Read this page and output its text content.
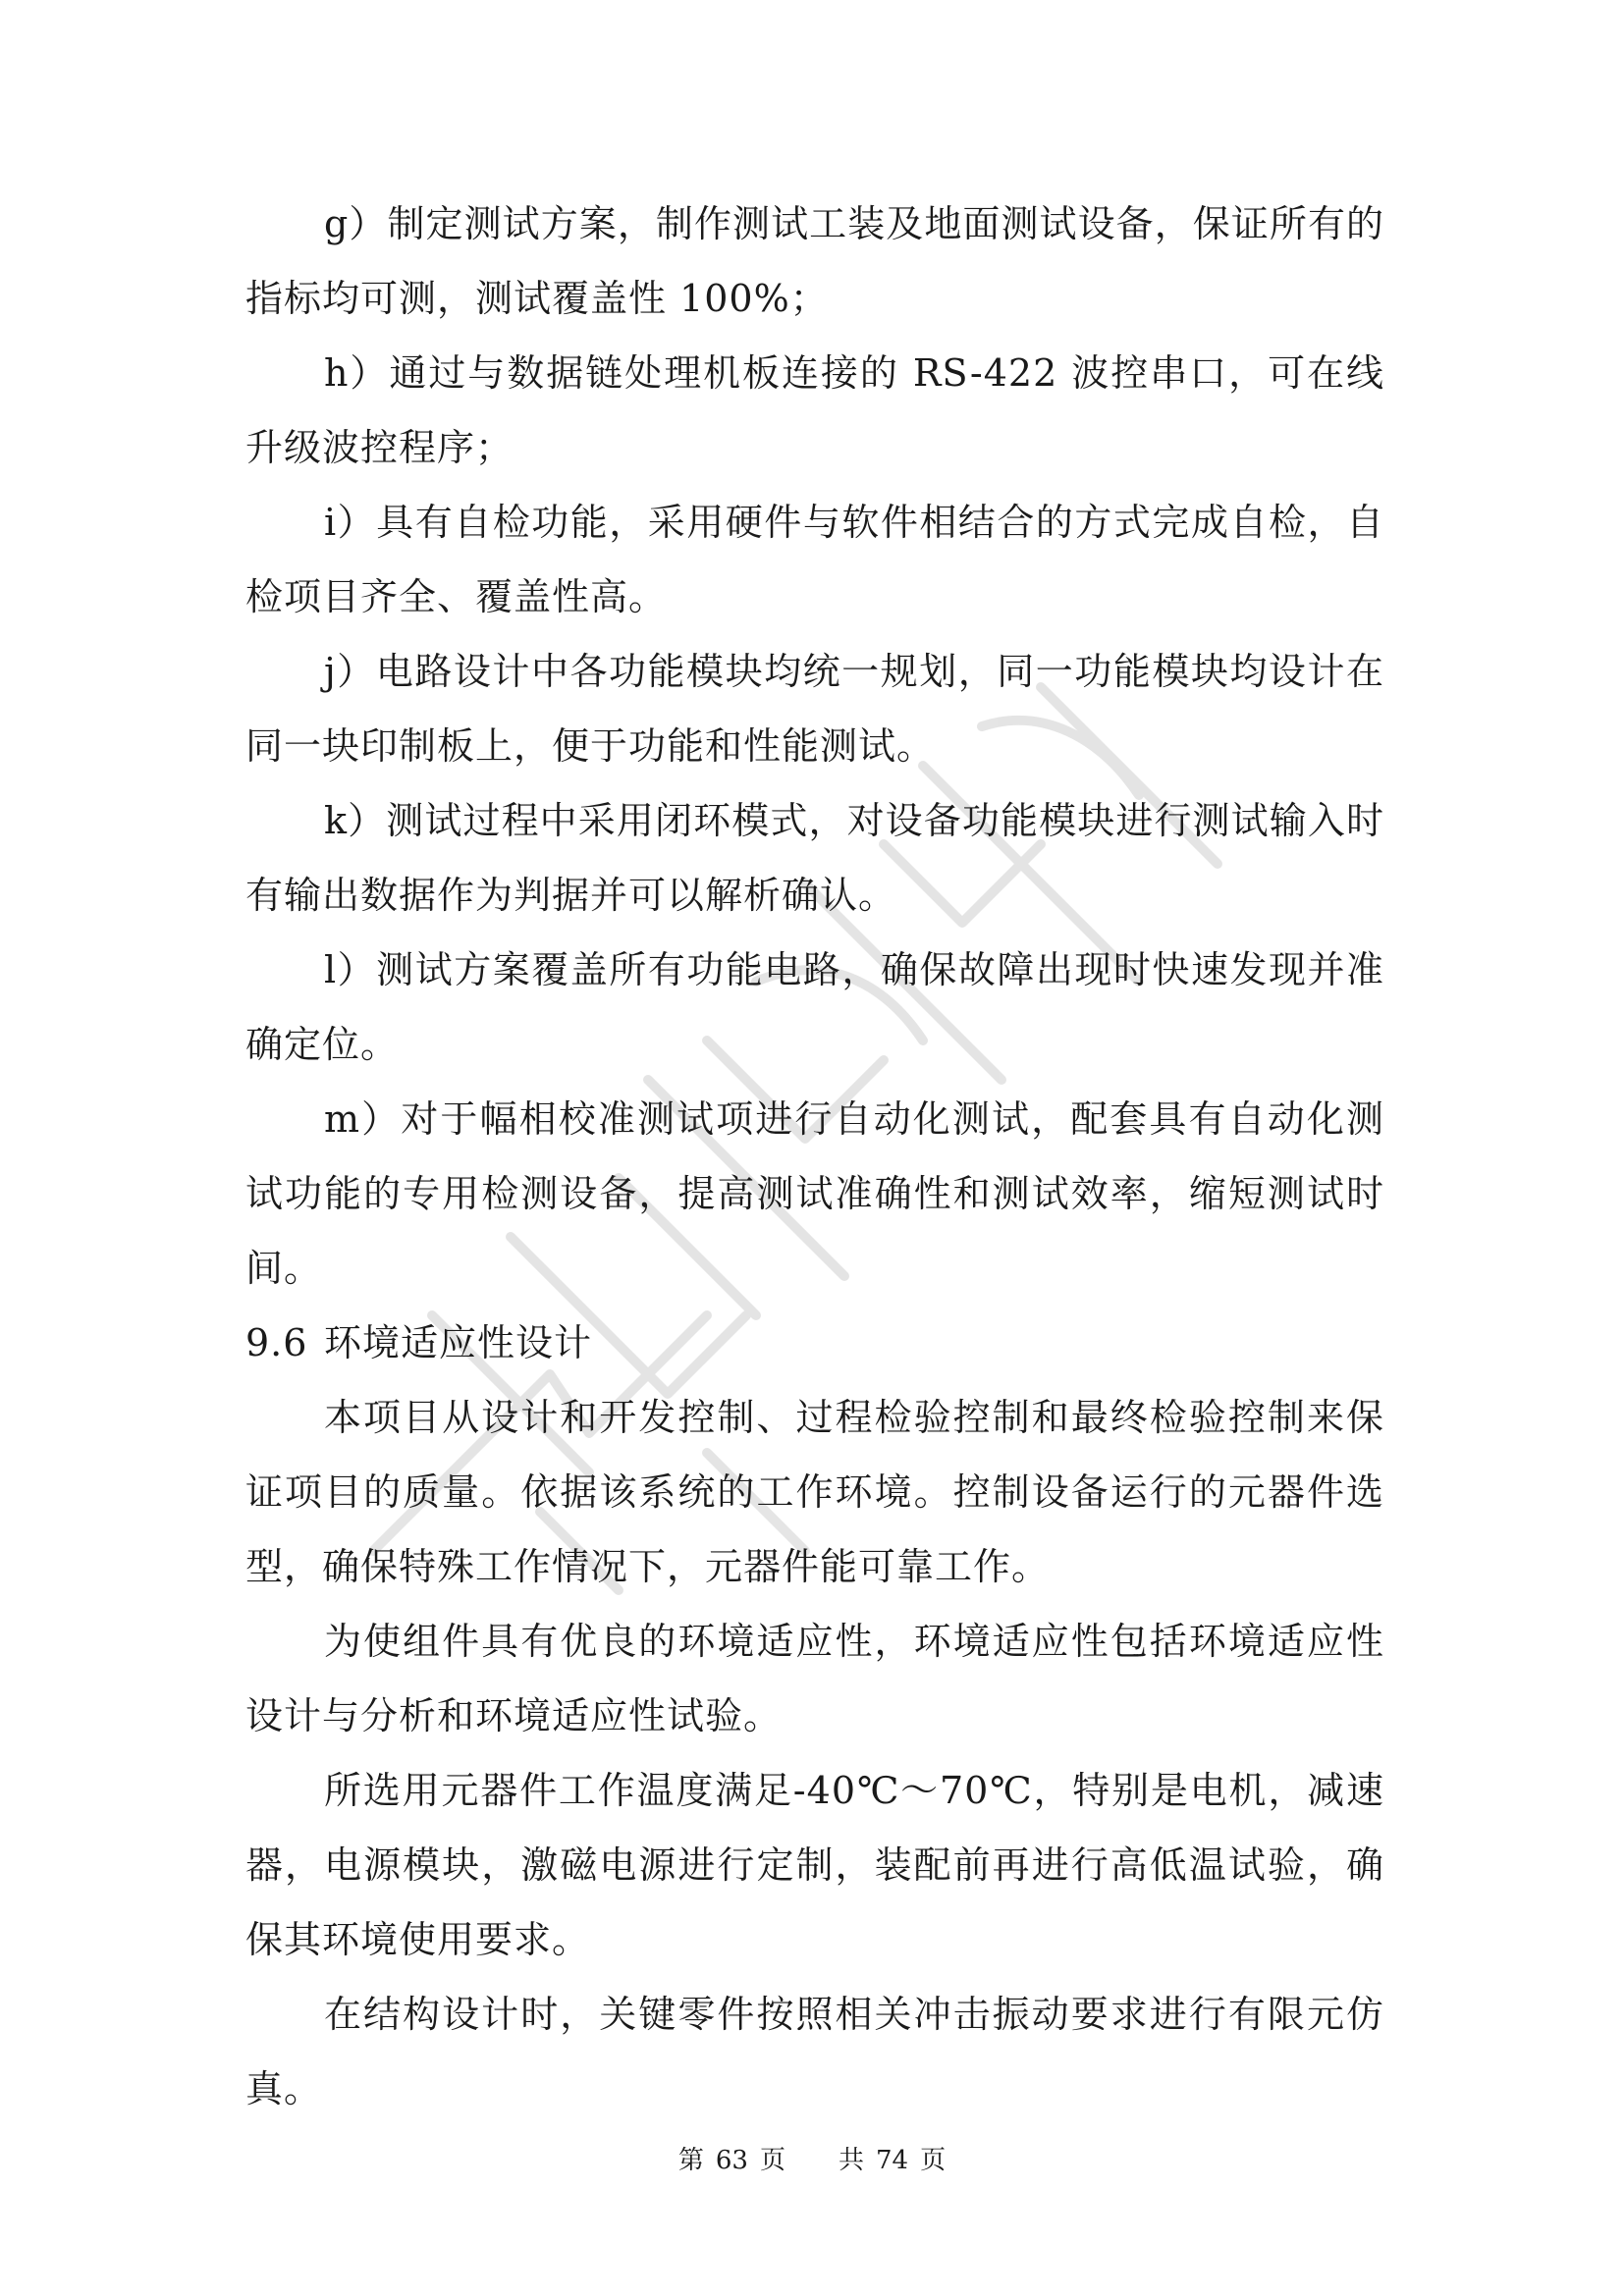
g）制定测试方案，制作测试工装及地面测试设备，保证所有的指标均可测，测试覆盖性 100%；

h）通过与数据链处理机板连接的 RS-422 波控串口，可在线升级波控程序；

i）具有自检功能，采用硬件与软件相结合的方式完成自检，自检项目齐全、覆盖性高。

j）电路设计中各功能模块均统一规划，同一功能模块均设计在同一块印制板上，便于功能和性能测试。

k）测试过程中采用闭环模式，对设备功能模块进行测试输入时有输出数据作为判据并可以解析确认。

l）测试方案覆盖所有功能电路，确保故障出现时快速发现并准确定位。

m）对于幅相校准测试项进行自动化测试，配套具有自动化测试功能的专用检测设备，提高测试准确性和测试效率，缩短测试时间。

9.6 环境适应性设计

本项目从设计和开发控制、过程检验控制和最终检验控制来保证项目的质量。依据该系统的工作环境。控制设备运行的元器件选型，确保特殊工作情况下，元器件能可靠工作。

为使组件具有优良的环境适应性，环境适应性包括环境适应性设计与分析和环境适应性试验。

所选用元器件工作温度满足-40℃～70℃，特别是电机，减速器，电源模块，激磁电源进行定制，装配前再进行高低温试验，确保其环境使用要求。

在结构设计时，关键零件按照相关冲击振动要求进行有限元仿真。

第 63 页 共 74 页
